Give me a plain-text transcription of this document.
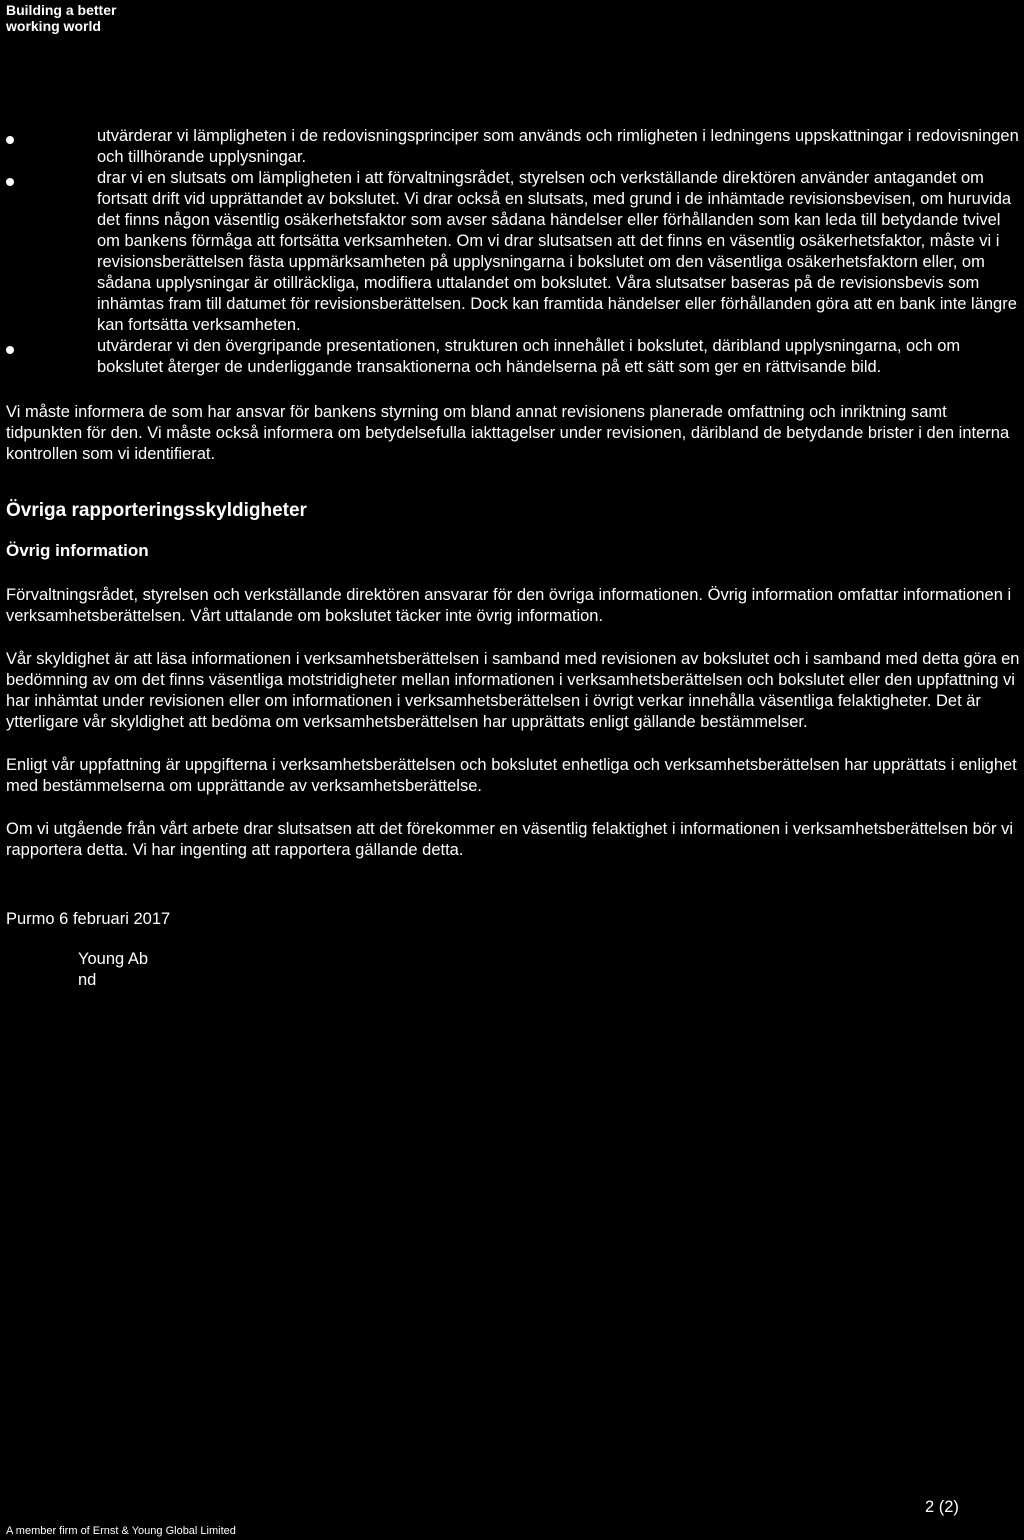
Building a better
working world
utvärderar vi lämpligheten i de redovisningsprinciper som används och rimligheten i ledningens uppskattningar i redovisningen och tillhörande upplysningar.
drar vi en slutsats om lämpligheten i att förvaltningsrådet, styrelsen och verkställande direktören använder antagandet om fortsatt drift vid upprättandet av bokslutet. Vi drar också en slutsats, med grund i de inhämtade revisionsbevisen, om huruvida det finns någon väsentlig osäkerhetsfaktor som avser sådana händelser eller förhållanden som kan leda till betydande tvivel om bankens förmåga att fortsätta verksamheten. Om vi drar slutsatsen att det finns en väsentlig osäkerhetsfaktor, måste vi i revisionsberättelsen fästa uppmärksamheten på upplysningarna i bokslutet om den väsentliga osäkerhetsfaktorn eller, om sådana upplysningar är otillräckliga, modifiera uttalandet om bokslutet. Våra slutsatser baseras på de revisionsbevis som inhämtas fram till datumet för revisionsberättelsen. Dock kan framtida händelser eller förhållanden göra att en bank inte längre kan fortsätta verksamheten.
utvärderar vi den övergripande presentationen, strukturen och innehållet i bokslutet, däribland upplysningarna, och om bokslutet återger de underliggande transaktionerna och händelserna på ett sätt som ger en rättvisande bild.

Vi måste informera de som har ansvar för bankens styrning om bland annat revisionens planerade omfattning och inriktning samt tidpunkten för den. Vi måste också informera om betydelsefulla iakttagelser under revisionen, däribland de betydande brister i den interna kontrollen som vi identifierat.

Övriga rapporteringsskyldigheter
Övrig information

Förvaltningsrådet, styrelsen och verkställande direktören ansvarar för den övriga informationen. Övrig information omfattar informationen i verksamhetsberättelsen. Vårt uttalande om bokslutet täcker inte övrig information.

Vår skyldighet är att läsa informationen i verksamhetsberättelsen i samband med revisionen av bokslutet och i samband med detta göra en bedömning av om det finns väsentliga motstridigheter mellan informationen i verksamhetsberättelsen och bokslutet eller den uppfattning vi har inhämtat under revisionen eller om informationen i verksamhetsberättelsen i övrigt verkar innehålla väsentliga felaktigheter. Det är ytterligare vår skyldighet att bedöma om verksamhetsberättelsen har upprättats enligt gällande bestämmelser.

Enligt vår uppfattning är uppgifterna i verksamhetsberättelsen och bokslutet enhetliga och verksamhetsberättelsen har upprättats i enlighet med bestämmelserna om upprättande av verksamhetsberättelse.

Om vi utgående från vårt arbete drar slutsatsen att det förekommer en väsentlig felaktighet i informationen i verksamhetsberättelsen bör vi rapportera detta. Vi har ingenting att rapportera gällande detta.

Purmo 6 februari 2017
Young Ab
nd
2 (2)
A member firm of Ernst & Young Global Limited
